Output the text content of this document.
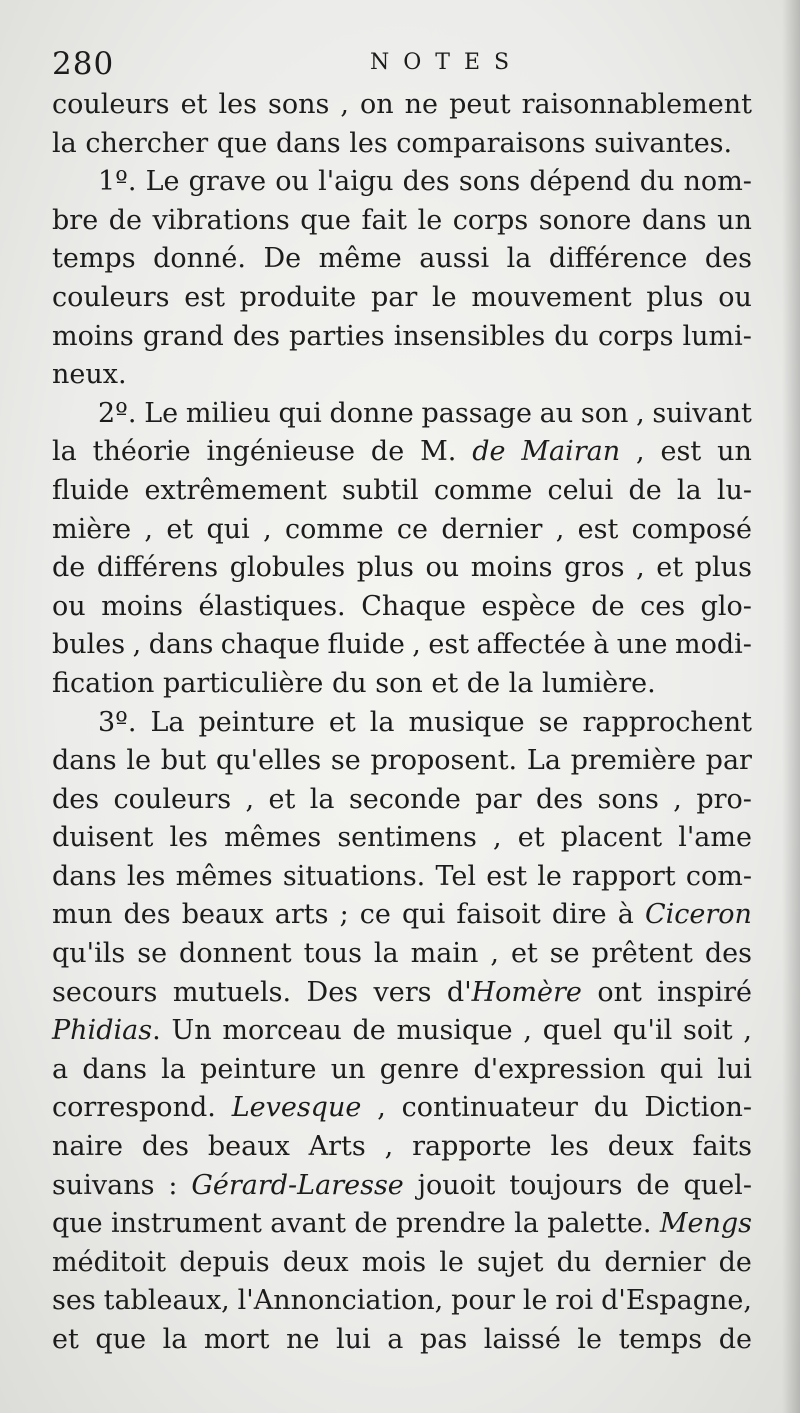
280	NOTES
couleurs et les sons , on ne peut raisonnablement
la chercher que dans les comparaisons suivantes.
1º. Le grave ou l'aigu des sons dépend du nom-
bre de vibrations que fait le corps sonore dans un
temps donné. De même aussi la différence des
couleurs est produite par le mouvement plus ou
moins grand des parties insensibles du corps lumi-
neux.
2º. Le milieu qui donne passage au son , suivant
la théorie ingénieuse de M. de Mairan , est un
fluide extrêmement subtil comme celui de la lu-
mière , et qui , comme ce dernier , est composé
de différens globules plus ou moins gros , et plus
ou moins élastiques. Chaque espèce de ces glo-
bules , dans chaque fluide , est affectée à une modi-
fication particulière du son et de la lumière.
3º. La peinture et la musique se rapprochent
dans le but qu'elles se proposent. La première par
des couleurs , et la seconde par des sons , pro-
duisent les mêmes sentimens , et placent l'ame
dans les mêmes situations. Tel est le rapport com-
mun des beaux arts ; ce qui faisoit dire à Ciceron
qu'ils se donnent tous la main , et se prêtent des
secours mutuels. Des vers d'Homère ont inspiré
Phidias. Un morceau de musique , quel qu'il soit ,
a dans la peinture un genre d'expression qui lui
correspond. Levesque , continuateur du Diction-
naire des beaux Arts , rapporte les deux faits
suivans : Gérard-Laresse jouoit toujours de quel-
que instrument avant de prendre la palette. Mengs
méditoit depuis deux mois le sujet du dernier de
ses tableaux, l'Annonciation, pour le roi d'Espagne,
et que la mort ne lui a pas laissé le temps de
